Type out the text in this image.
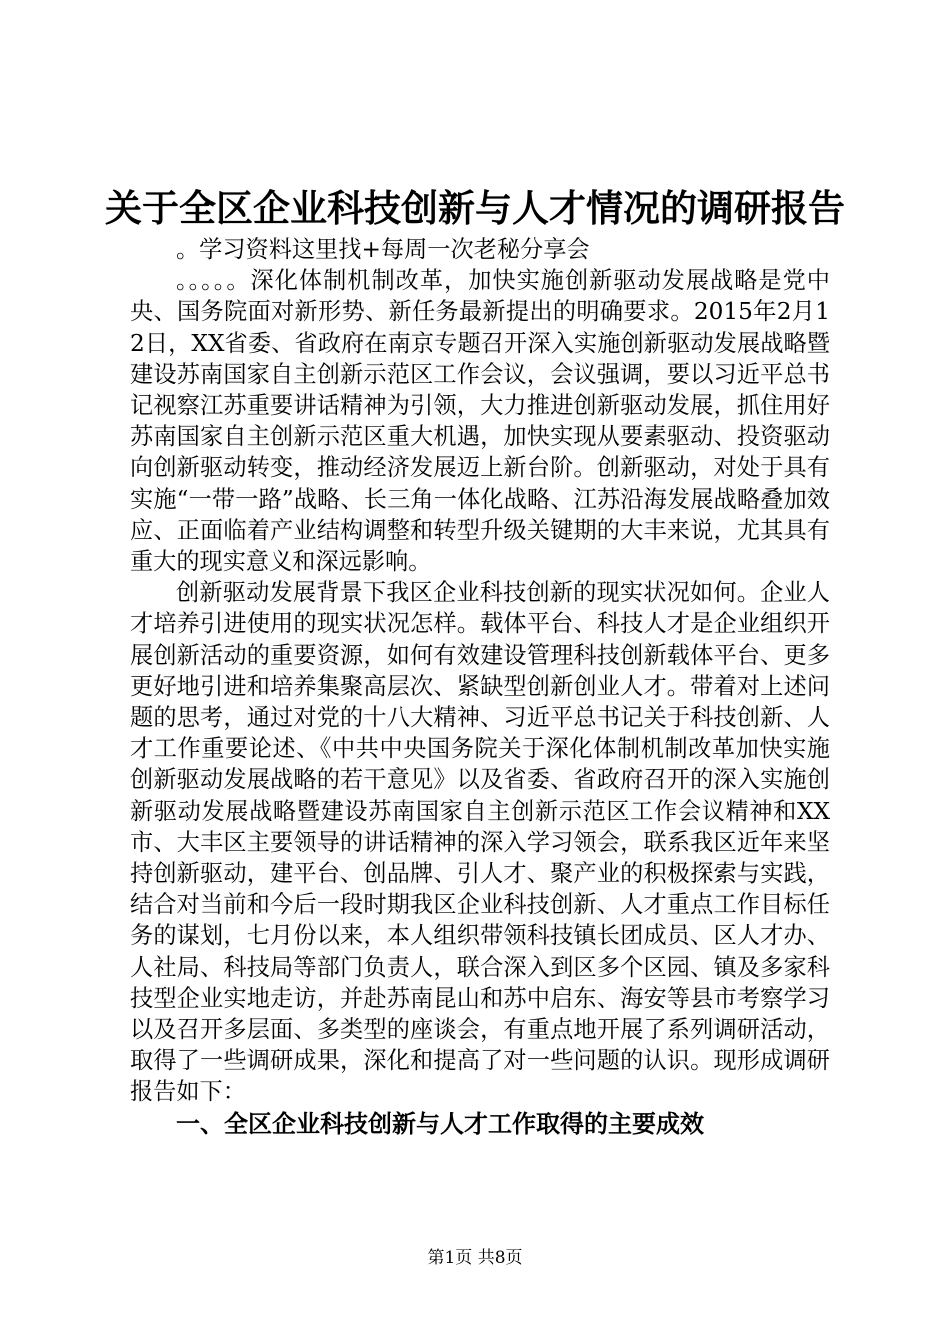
关于全区企业科技创新与人才情况的调研报告

。学习资料这里找+每周一次老秘分享会

。。。。。深化体制机制改革，加快实施创新驱动发展战略是党中央、国务院面对新形势、新任务最新提出的明确要求。2015年2月12日，XX省委、省政府在南京专题召开深入实施创新驱动发展战略暨建设苏南国家自主创新示范区工作会议，会议强调，要以习近平总书记视察江苏重要讲话精神为引领，大力推进创新驱动发展，抓住用好苏南国家自主创新示范区重大机遇，加快实现从要素驱动、投资驱动向创新驱动转变，推动经济发展迈上新台阶。创新驱动，对处于具有实施“一带一路”战略、长三角一体化战略、江苏沿海发展战略叠加效应、正面临着产业结构调整和转型升级关键期的大丰来说，尤其具有重大的现实意义和深远影响。

创新驱动发展背景下我区企业科技创新的现实状况如何。企业人才培养引进使用的现实状况怎样。载体平台、科技人才是企业组织开展创新活动的重要资源，如何有效建设管理科技创新载体平台、更多更好地引进和培养集聚高层次、紧缺型创新创业人才。带着对上述问题的思考，通过对党的十八大精神、习近平总书记关于科技创新、人才工作重要论述、《中共中央国务院关于深化体制机制改革加快实施创新驱动发展战略的若干意见》以及省委、省政府召开的深入实施创新驱动发展战略暨建设苏南国家自主创新示范区工作会议精神和XX市、大丰区主要领导的讲话精神的深入学习领会，联系我区近年来坚持创新驱动，建平台、创品牌、引人才、聚产业的积极探索与实践，结合对当前和今后一段时期我区企业科技创新、人才重点工作目标任务的谋划，七月份以来，本人组织带领科技镇长团成员、区人才办、人社局、科技局等部门负责人，联合深入到区多个区园、镇及多家科技型企业实地走访，并赴苏南昆山和苏中启东、海安等县市考察学习以及召开多层面、多类型的座谈会，有重点地开展了系列调研活动，取得了一些调研成果，深化和提高了对一些问题的认识。现形成调研报告如下：

一、全区企业科技创新与人才工作取得的主要成效

第1页 共8页
